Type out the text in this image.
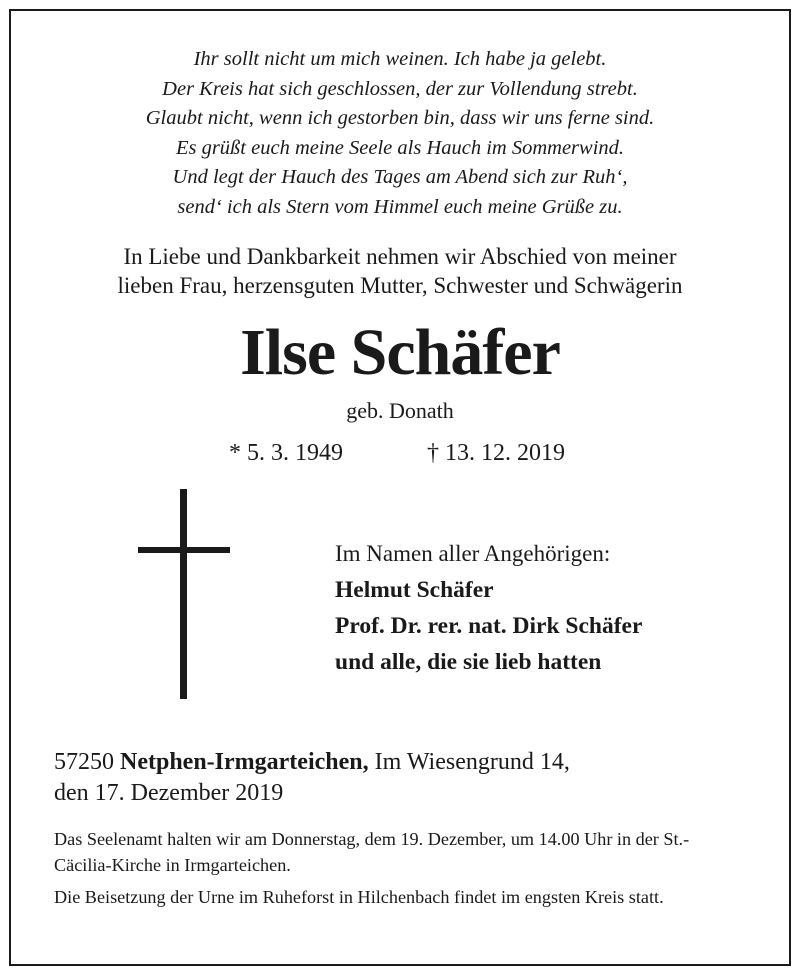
Ihr sollt nicht um mich weinen. Ich habe ja gelebt.
Der Kreis hat sich geschlossen, der zur Vollendung strebt.
Glaubt nicht, wenn ich gestorben bin, dass wir uns ferne sind.
Es grüßt euch meine Seele als Hauch im Sommerwind.
Und legt der Hauch des Tages am Abend sich zur Ruh‘,
send‘ ich als Stern vom Himmel euch meine Grüße zu.
In Liebe und Dankbarkeit nehmen wir Abschied von meiner
lieben Frau, herzensguten Mutter, Schwester und Schwägerin
Ilse Schäfer
geb. Donath
* 5. 3. 1949	† 13. 12. 2019
Im Namen aller Angehörigen:
Helmut Schäfer
Prof. Dr. rer. nat. Dirk Schäfer
und alle, die sie lieb hatten
57250 Netphen-Irmgarteichen, Im Wiesengrund 14,
den 17. Dezember 2019

Das Seelenamt halten wir am Donnerstag, dem 19. Dezember, um 14.00 Uhr in der St.-Cäcilia-Kirche in Irmgarteichen.

Die Beisetzung der Urne im Ruheforst in Hilchenbach findet im engsten Kreis statt.
